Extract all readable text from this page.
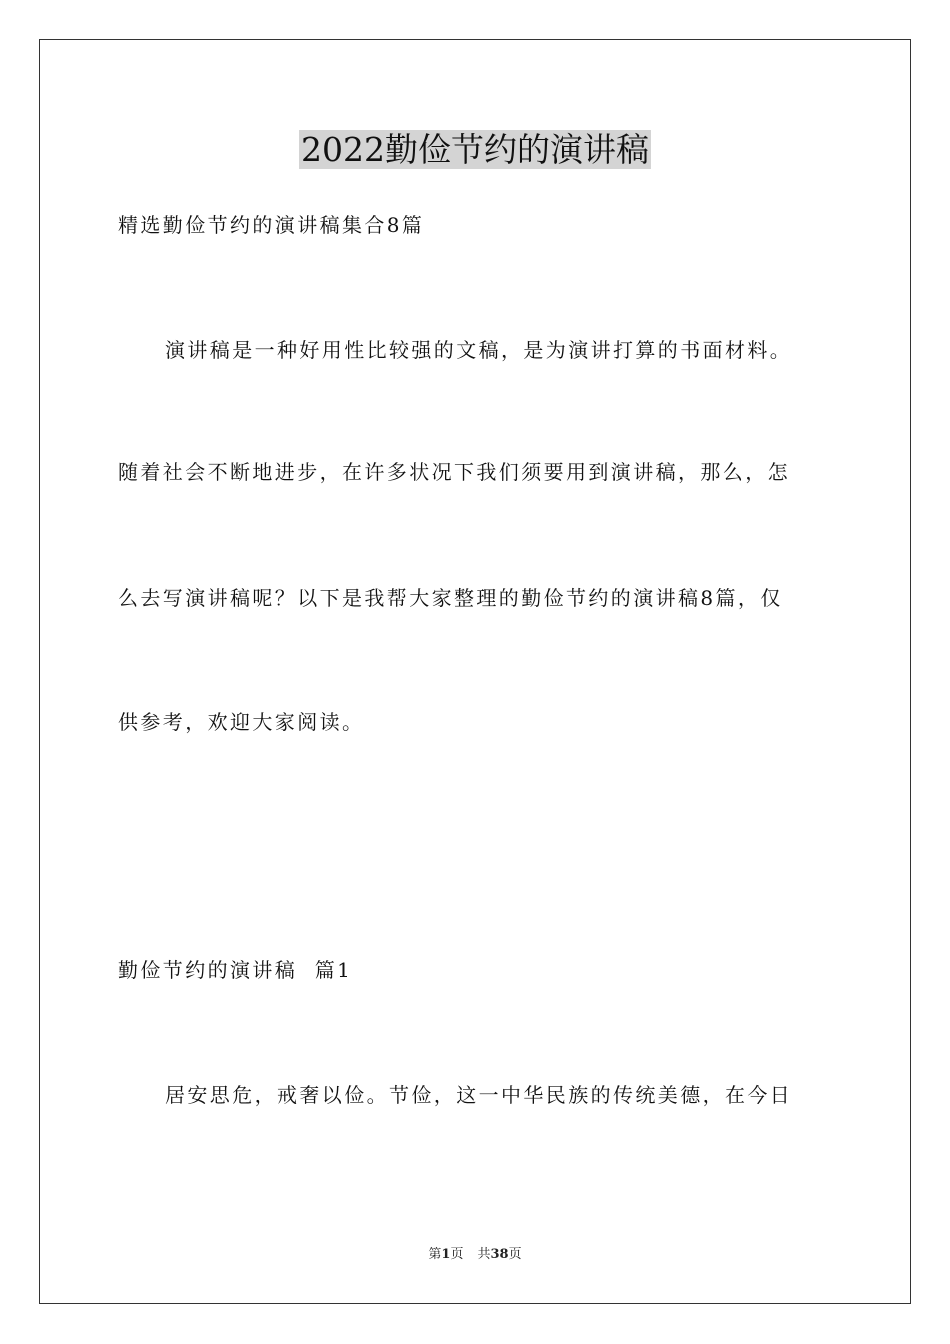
2022勤俭节约的演讲稿

精选勤俭节约的演讲稿集合8篇

演讲稿是一种好用性比较强的文稿，是为演讲打算的书面材料。

随着社会不断地进步，在许多状况下我们须要用到演讲稿，那么，怎

么去写演讲稿呢？以下是我帮大家整理的勤俭节约的演讲稿8篇，仅

供参考，欢迎大家阅读。

勤俭节约的演讲稿  篇1

居安思危，戒奢以俭。节俭，这一中华民族的传统美德，在今日

第1页 共38页
